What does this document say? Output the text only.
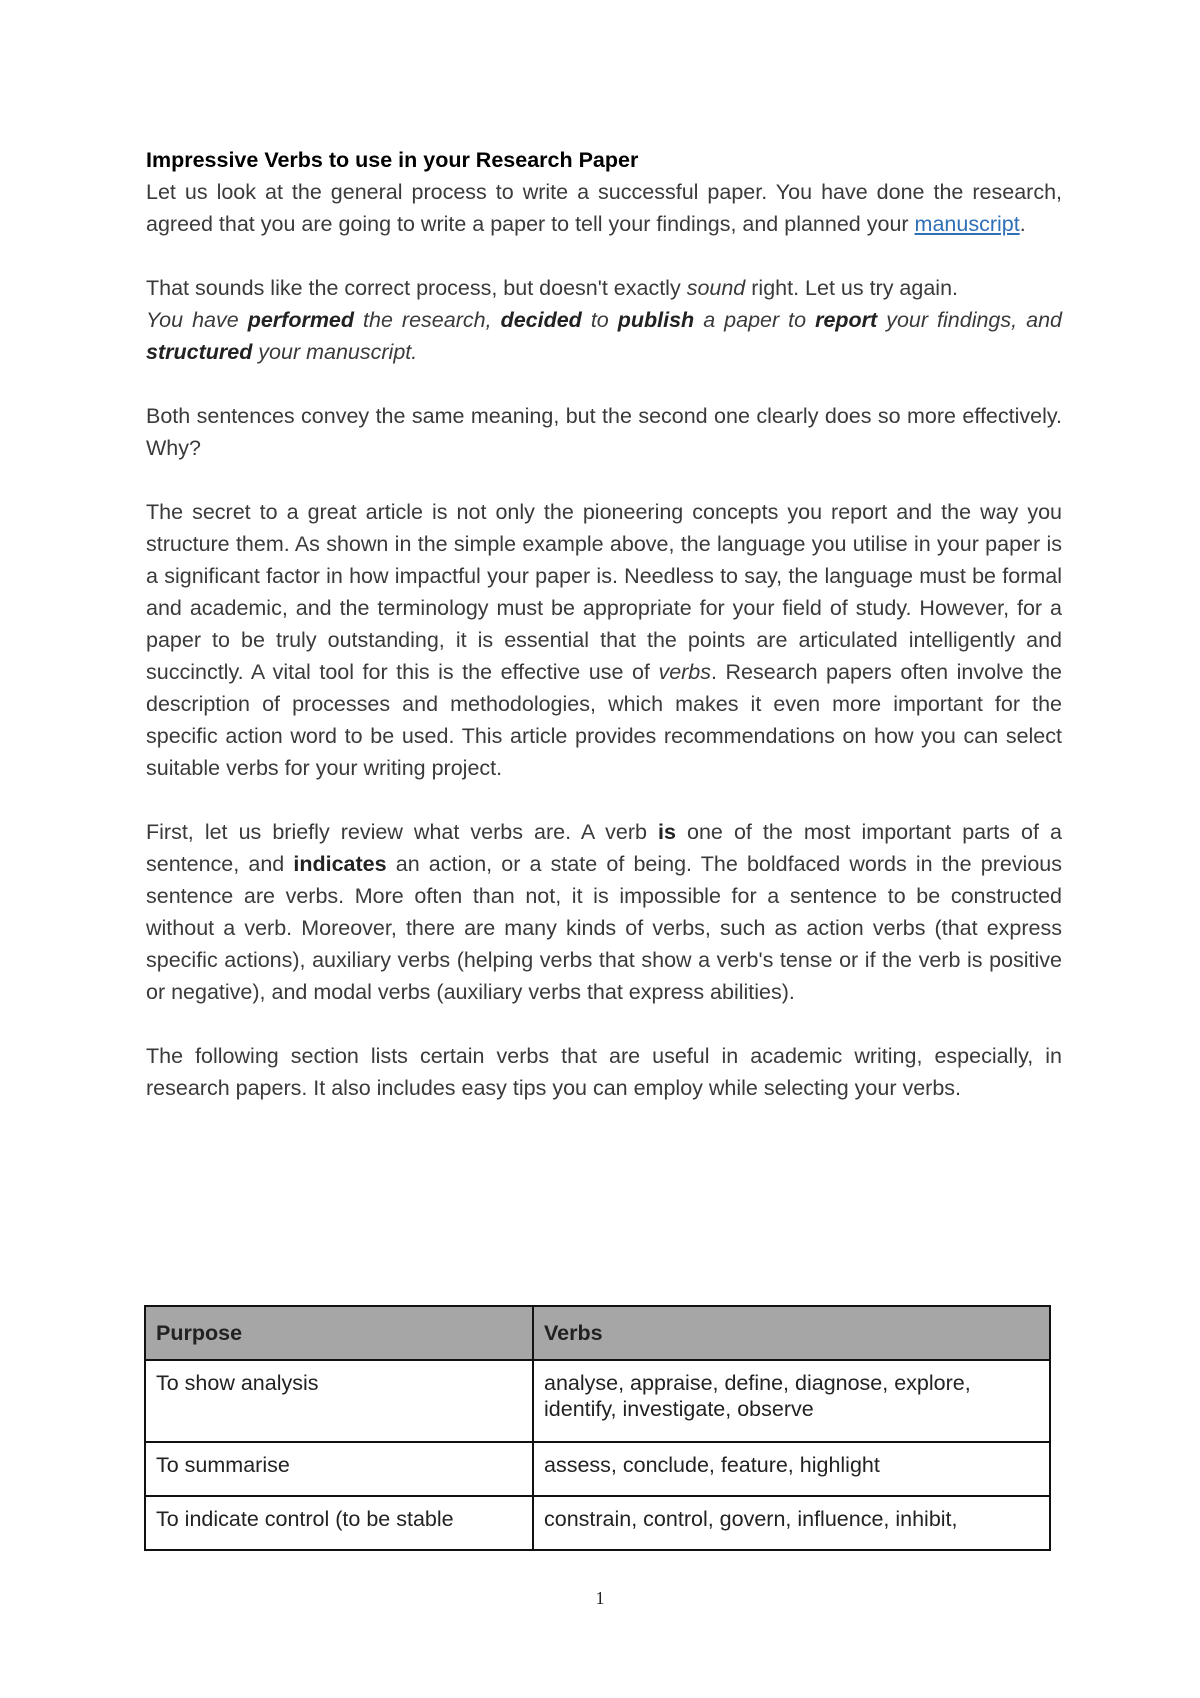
Impressive Verbs to use in your Research Paper

Let us look at the general process to write a successful paper. You have done the research, agreed that you are going to write a paper to tell your findings, and planned your manuscript.

That sounds like the correct process, but doesn't exactly sound right. Let us try again.

You have performed the research, decided to publish a paper to report your findings, and structured your manuscript.

Both sentences convey the same meaning, but the second one clearly does so more effectively. Why?

The secret to a great article is not only the pioneering concepts you report and the way you structure them. As shown in the simple example above, the language you utilise in your paper is a significant factor in how impactful your paper is. Needless to say, the language must be formal and academic, and the terminology must be appropriate for your field of study. However, for a paper to be truly outstanding, it is essential that the points are articulated intelligently and succinctly. A vital tool for this is the effective use of verbs. Research papers often involve the description of processes and methodologies, which makes it even more important for the specific action word to be used. This article provides recommendations on how you can select suitable verbs for your writing project.

First, let us briefly review what verbs are. A verb is one of the most important parts of a sentence, and indicates an action, or a state of being. The boldfaced words in the previous sentence are verbs. More often than not, it is impossible for a sentence to be constructed without a verb. Moreover, there are many kinds of verbs, such as action verbs (that express specific actions), auxiliary verbs (helping verbs that show a verb's tense or if the verb is positive or negative), and modal verbs (auxiliary verbs that express abilities).

The following section lists certain verbs that are useful in academic writing, especially, in research papers. It also includes easy tips you can employ while selecting your verbs.

Purpose	Verbs
To show analysis	analyse, appraise, define, diagnose, explore, identify, investigate, observe
To summarise	assess, conclude, feature, highlight
To indicate control (to be stable	constrain, control, govern, influence, inhibit,
1
